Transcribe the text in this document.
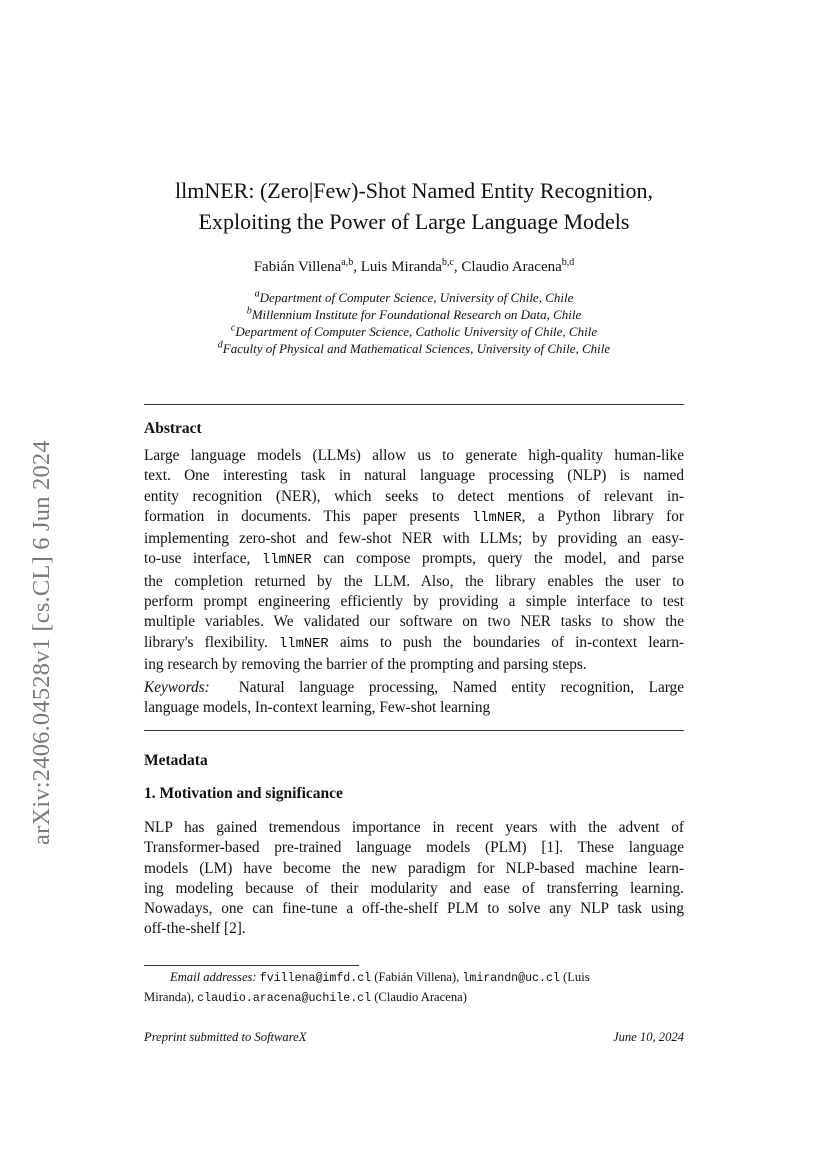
arXiv:2406.04528v1 [cs.CL] 6 Jun 2024
llmNER: (Zero|Few)-Shot Named Entity Recognition,
Exploiting the Power of Large Language Models
Fabián Villena$^{a,b}$, Luis Miranda$^{b,c}$, Claudio Aracena$^{b,d}$
$^a$Department of Computer Science, University of Chile, Chile
$^b$Millennium Institute for Foundational Research on Data, Chile
$^c$Department of Computer Science, Catholic University of Chile, Chile
$^d$Faculty of Physical and Mathematical Sciences, University of Chile, Chile
Abstract
Large language models (LLMs) allow us to generate high-quality human-like
text. One interesting task in natural language processing (NLP) is named
entity recognition (NER), which seeks to detect mentions of relevant in-
formation in documents. This paper presents llmNER, a Python library for
implementing zero-shot and few-shot NER with LLMs; by providing an easy-
to-use interface, llmNER can compose prompts, query the model, and parse
the completion returned by the LLM. Also, the library enables the user to
perform prompt engineering efficiently by providing a simple interface to test
multiple variables. We validated our software on two NER tasks to show the
library's flexibility. llmNER aims to push the boundaries of in-context learn-
ing research by removing the barrier of the prompting and parsing steps.
Keywords: Natural language processing, Named entity recognition, Large
language models, In-context learning, Few-shot learning
Metadata
1. Motivation and significance
NLP has gained tremendous importance in recent years with the advent of
Transformer-based pre-trained language models (PLM) [1]. These language
models (LM) have become the new paradigm for NLP-based machine learn-
ing modeling because of their modularity and ease of transferring learning.
Nowadays, one can fine-tune a off-the-shelf PLM to solve any NLP task using
off-the-shelf [2].
Email addresses: fvillena@imfd.cl (Fabián Villena), lmirandn@uc.cl (Luis
Miranda), claudio.aracena@uchile.cl (Claudio Aracena)
Preprint submitted to SoftwareX	June 10, 2024
